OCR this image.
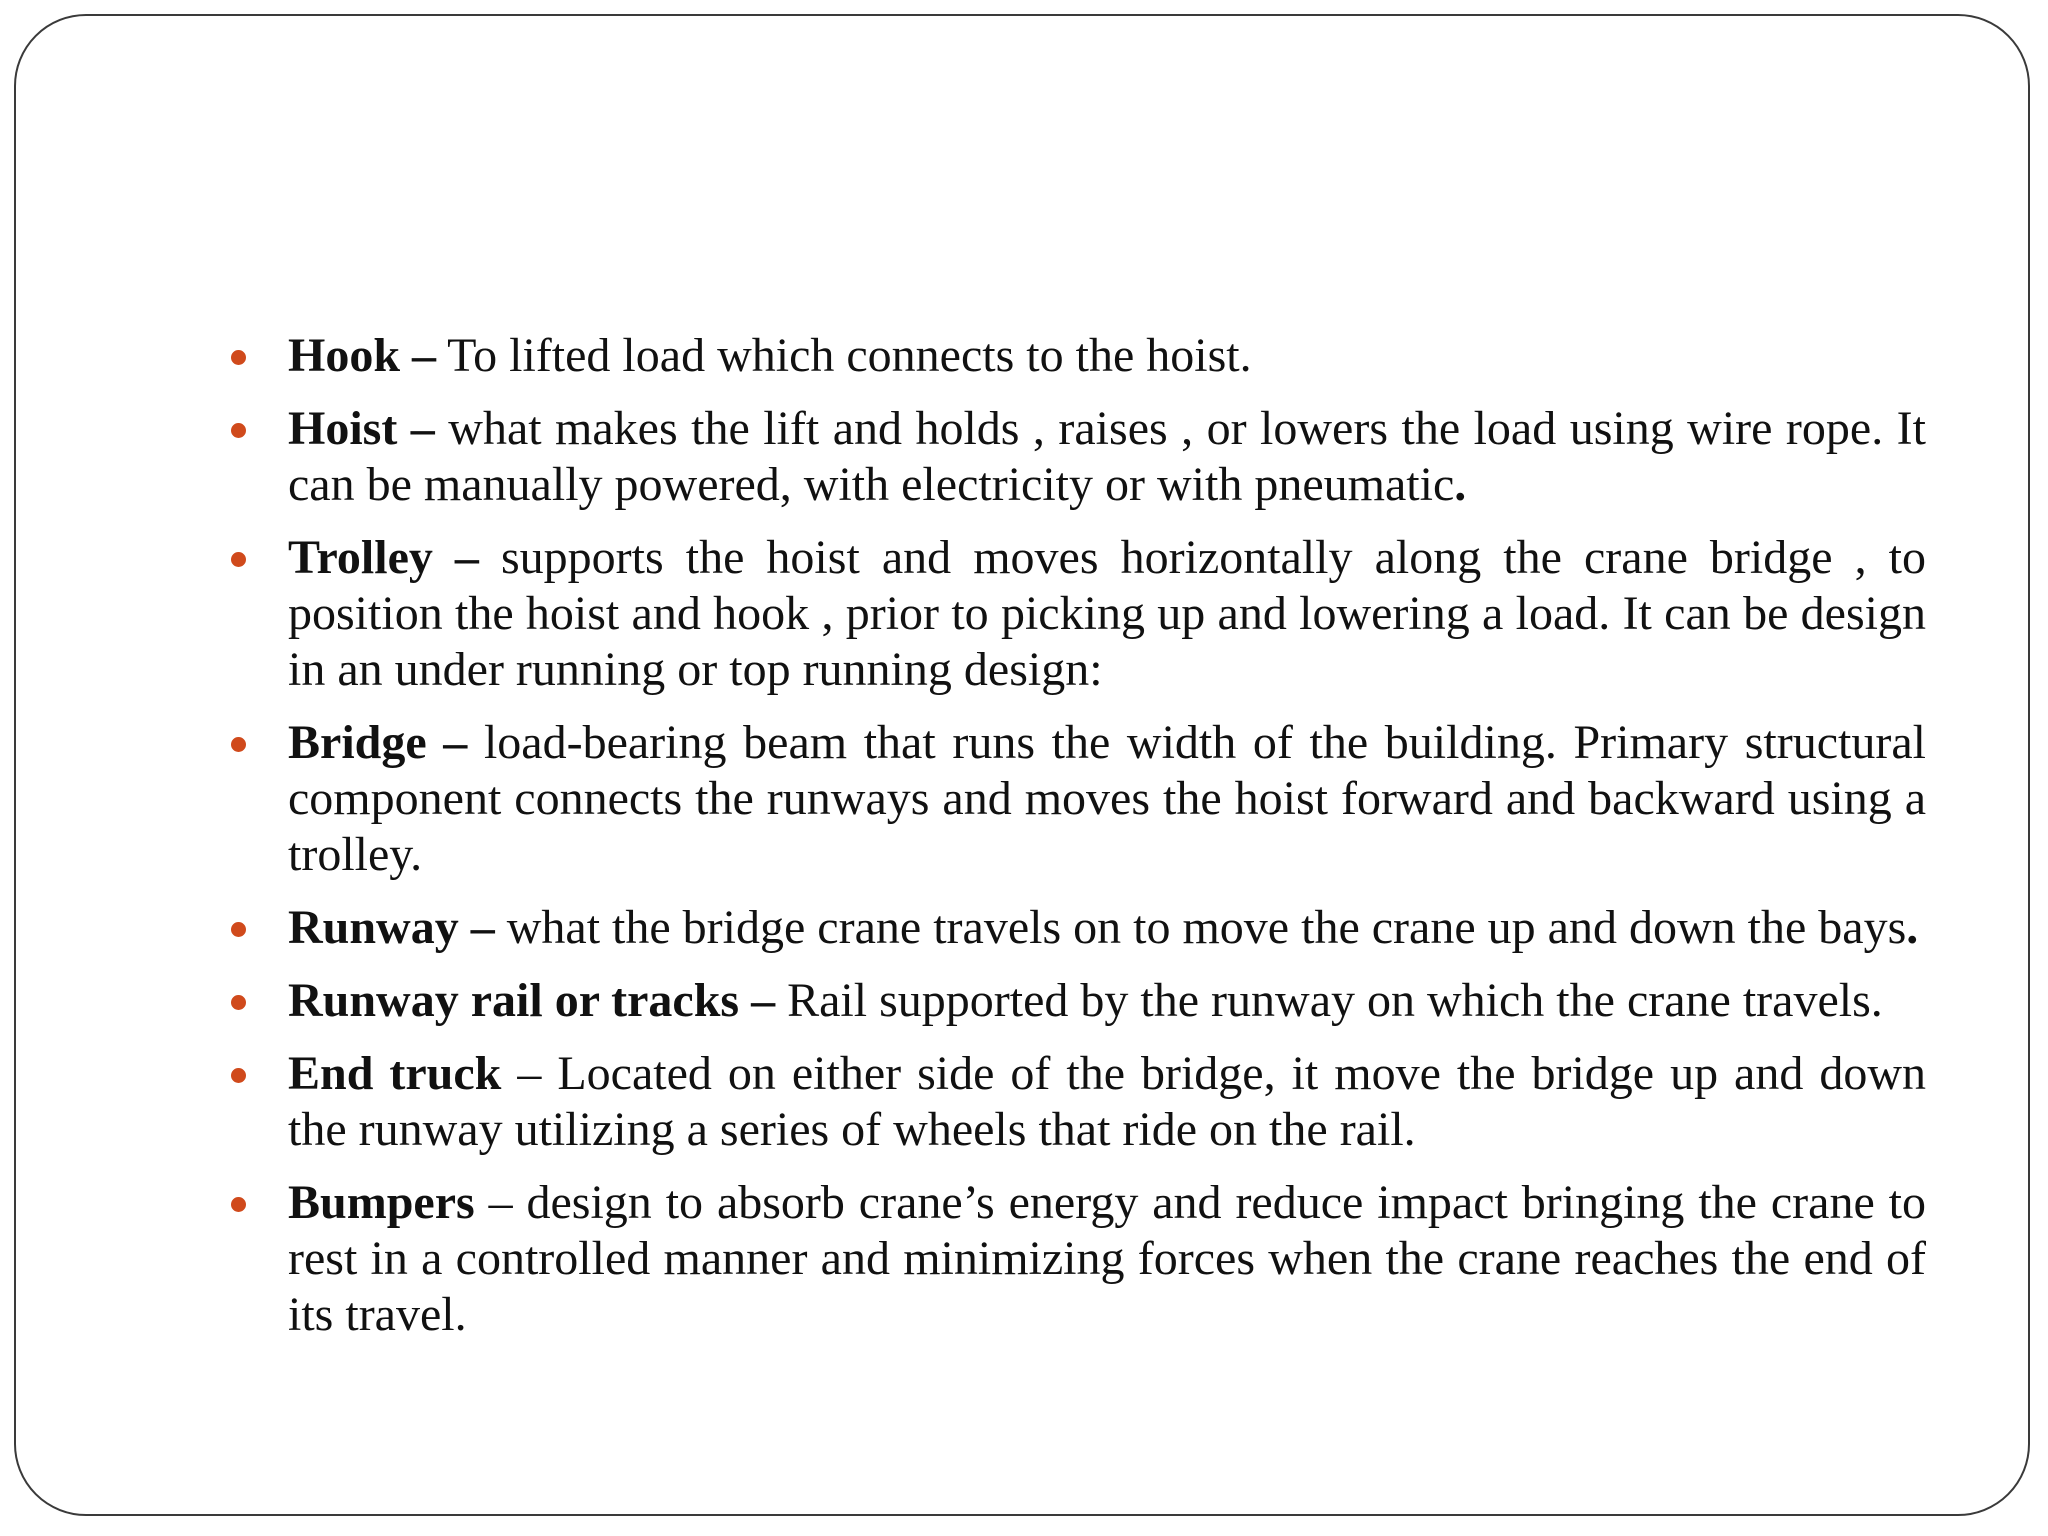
Hook – To lifted load which connects to the hoist.
Hoist – what makes the lift and holds , raises , or lowers the load using wire rope. It can be manually powered, with electricity or with pneumatic.
Trolley – supports the hoist and moves horizontally along the crane bridge , to position the hoist and hook , prior to picking up and lowering a load. It can be design in an under running or top running design:
Bridge – load-bearing beam that runs the width of the building. Primary structural component connects the runways and moves the hoist forward and backward using a trolley.
Runway – what the bridge crane travels on to move the crane up and down the bays.
Runway rail or tracks – Rail supported by the runway on which the crane travels.
End truck – Located on either side of the bridge, it move the bridge up and down the runway utilizing a series of wheels that ride on the rail.
Bumpers – design to absorb crane’s energy and reduce impact bringing the crane to rest in a controlled manner and minimizing forces when the crane reaches the end of its travel.
